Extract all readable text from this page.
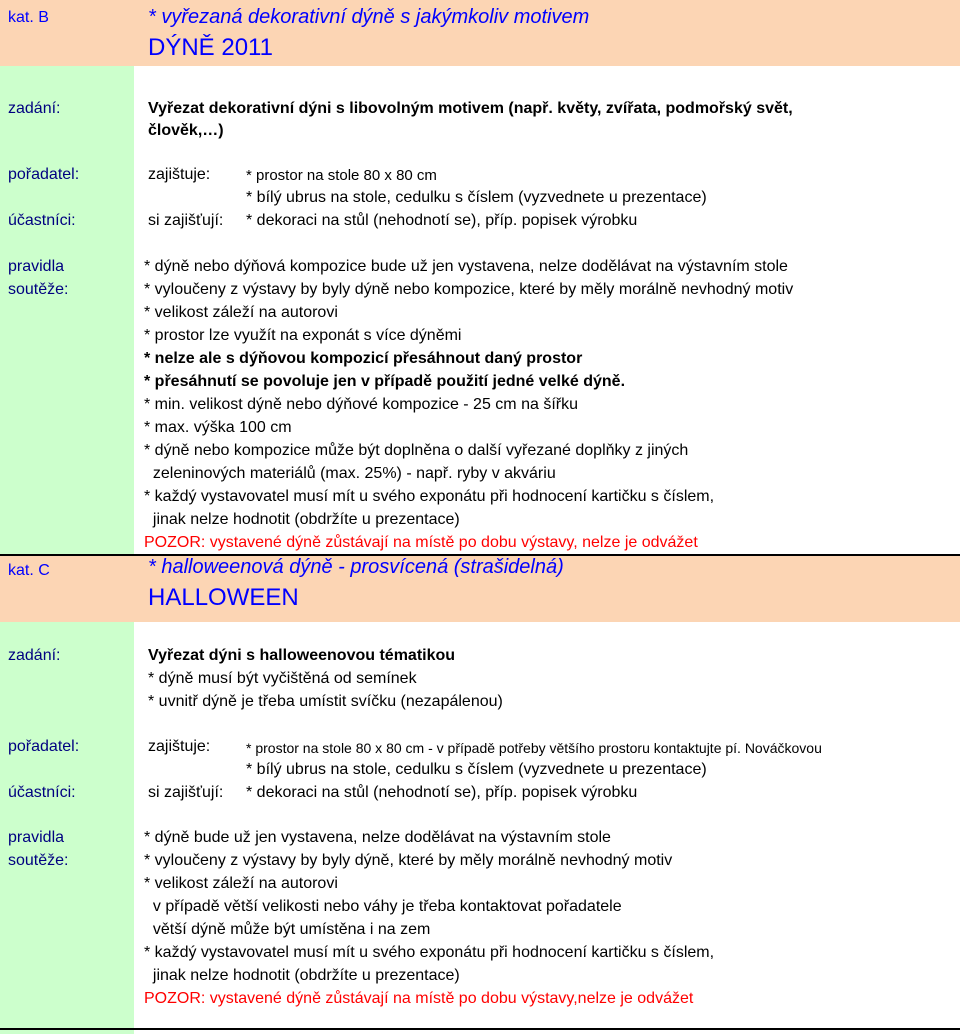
kat. B	* vyřezaná dekorativní dýně s jakýmkoliv motivem
DÝNĚ 2011
zadání:	Vyřezat dekorativní dýni s libovolným motivem (např. květy, zvířata, podmořský svět,
člověk,…)
pořadatel:	zajištuje: * prostor na stole 80 x 80 cm
* bílý ubrus na stole, cedulku s číslem (vyzvednete u prezentace)
účastníci:	si zajišťují: * dekoraci na stůl (nehodnotí se), příp. popisek výrobku
pravidla
soutěže:
* dýně nebo dýňová kompozice bude už jen vystavena, nelze dodělávat na výstavním stole
* vyloučeny z výstavy by byly dýně nebo kompozice, které by měly morálně nevhodný motiv
* velikost záleží na autorovi
* prostor lze využít na exponát s více dýněmi
* nelze ale s dýňovou kompozicí přesáhnout daný prostor
* přesáhnutí se povoluje jen v případě použití jedné velké dýně.
* min. velikost dýně nebo dýňové kompozice - 25 cm na šířku
* max. výška 100 cm
* dýně nebo kompozice může být doplněna o další vyřezané doplňky z jiných
zeleninových materiálů (max. 25%) - např. ryby v akváriu
* každý vystavovatel musí mít u svého exponátu při hodnocení kartičku s číslem,
jinak nelze hodnotit (obdržíte u prezentace)
POZOR: vystavené dýně zůstávají na místě po dobu výstavy, nelze je odvážet
kat. C	* halloweenová dýně - prosvícená (strašidelná)
HALLOWEEN
zadání:	Vyřezat dýni s halloweenovou tématikou
* dýně musí být vyčištěná od semínek
* uvnitř dýně je třeba umístit svíčku (nezapálenou)
pořadatel:	zajištuje:	* prostor na stole 80 x 80 cm - v případě potřeby většího prostoru kontaktujte pí. Nováčkovou
* bílý ubrus na stole, cedulku s číslem (vyzvednete u prezentace)
účastníci:	si zajišťují: * dekoraci na stůl (nehodnotí se), příp. popisek výrobku
pravidla
soutěže:
* dýně bude už jen vystavena, nelze dodělávat na výstavním stole
* vyloučeny z výstavy by byly dýně, které by měly morálně nevhodný motiv
* velikost záleží na autorovi
v případě větší velikosti nebo váhy je třeba kontaktovat pořadatele
větší dýně může být umístěna i na zem
* každý vystavovatel musí mít u svého exponátu při hodnocení kartičku s číslem,
jinak nelze hodnotit (obdržíte u prezentace)
POZOR: vystavené dýně zůstávají na místě po dobu výstavy,nelze je odvážet
